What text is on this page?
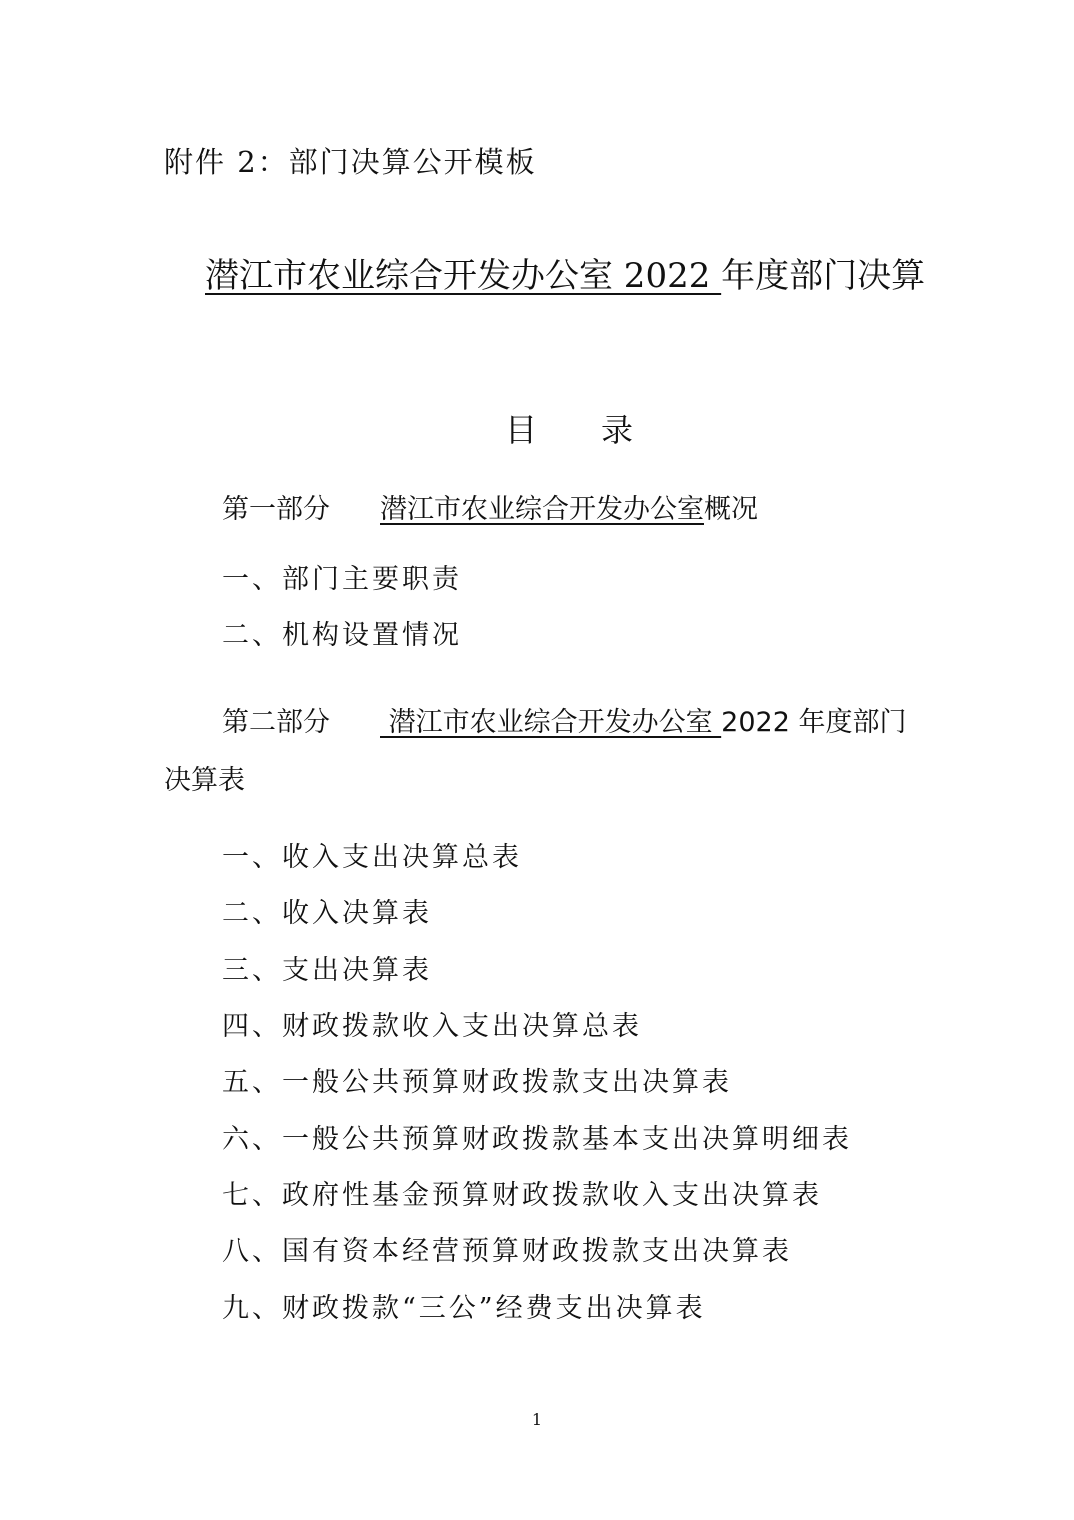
附件 2：部门决算公开模板
潜江市农业综合开发办公室 2022 年度部门决算
目 录
第一部分 潜江市农业综合开发办公室概况
一、部门主要职责
二、机构设置情况
第二部分 潜江市农业综合开发办公室 2022 年度部门
决算表
一、收入支出决算总表
二、收入决算表
三、支出决算表
四、财政拨款收入支出决算总表
五、一般公共预算财政拨款支出决算表
六、一般公共预算财政拨款基本支出决算明细表
七、政府性基金预算财政拨款收入支出决算表
八、国有资本经营预算财政拨款支出决算表
九、财政拨款“三公”经费支出决算表
1
